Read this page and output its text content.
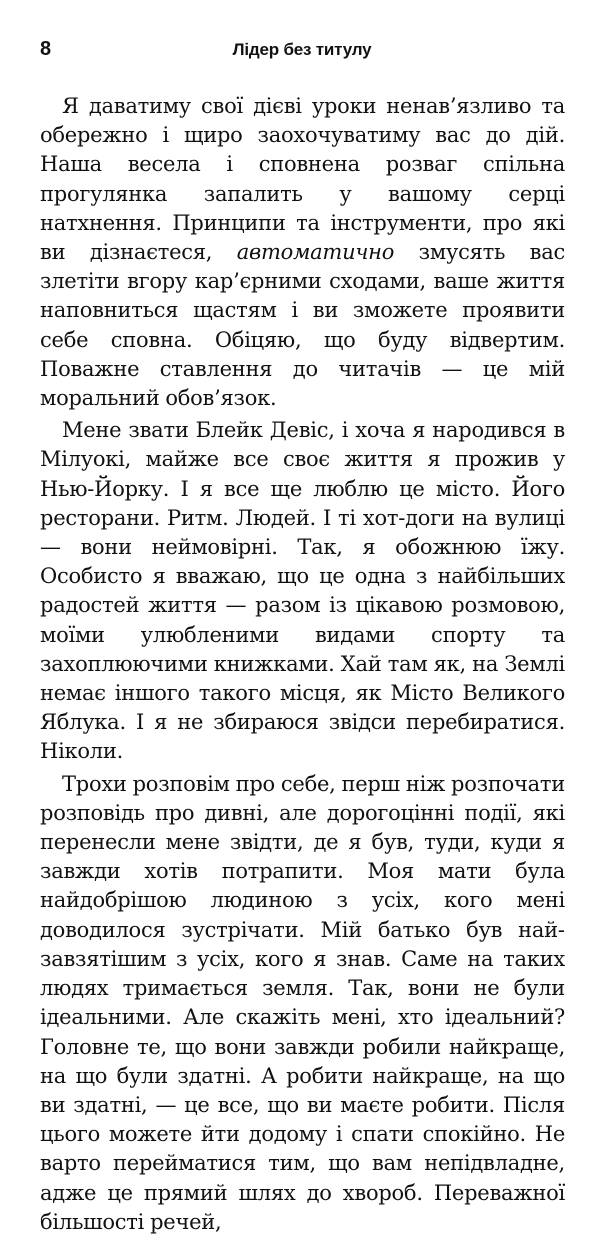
8	Лідер без титулу

Я даватиму свої дієві уроки ненав’язливо та обережно і щиро заохочуватиму вас до дій. Наша весела і сповнена розваг спільна прогулянка запалить у вашому серці натхнення. Принципи та інструменти, про які ви дізнаєтеся, автоматично змусять вас злетіти вгору кар’єрними сходами, ваше життя наповниться щастям і ви зможете проявити себе сповна. Обіцяю, що буду відвертим. Поважне ставлення до читачів — це мій моральний обов’язок.

Мене звати Блейк Девіс, і хоча я народився в Мілуокі, майже все своє життя я прожив у Нью-Йорку. І я все ще люблю це місто. Його ресторани. Ритм. Людей. І ті хот-доги на вулиці — вони неймовірні. Так, я обожнюю їжу. Особисто я вважаю, що це одна з найбільших радостей життя — разом із цікавою розмовою, моїми улюбленими видами спорту та захоплюючими книжками. Хай там як, на Землі немає іншого такого місця, як Місто Великого Яблука. І я не збираюся звідси перебиратися. Ніколи.

Трохи розповім про себе, перш ніж розпочати розповідь про дивні, але дорогоцінні події, які перенесли мене звідти, де я був, туди, куди я завжди хотів потрапити. Моя мати була найдобрішою людиною з усіх, кого мені доводилося зустрічати. Мій батько був найзавзятішим з усіх, кого я знав. Саме на таких людях тримається земля. Так, вони не були ідеальними. Але скажіть мені, хто ідеальний? Головне те, що вони завжди робили найкраще, на що були здатні. А робити найкраще, на що ви здатні, — це все, що ви маєте робити. Після цього можете йти додому і спати спокійно. Не варто перейматися тим, що вам непідвладне, адже це прямий шлях до хвороб. Переважної більшості речей,
